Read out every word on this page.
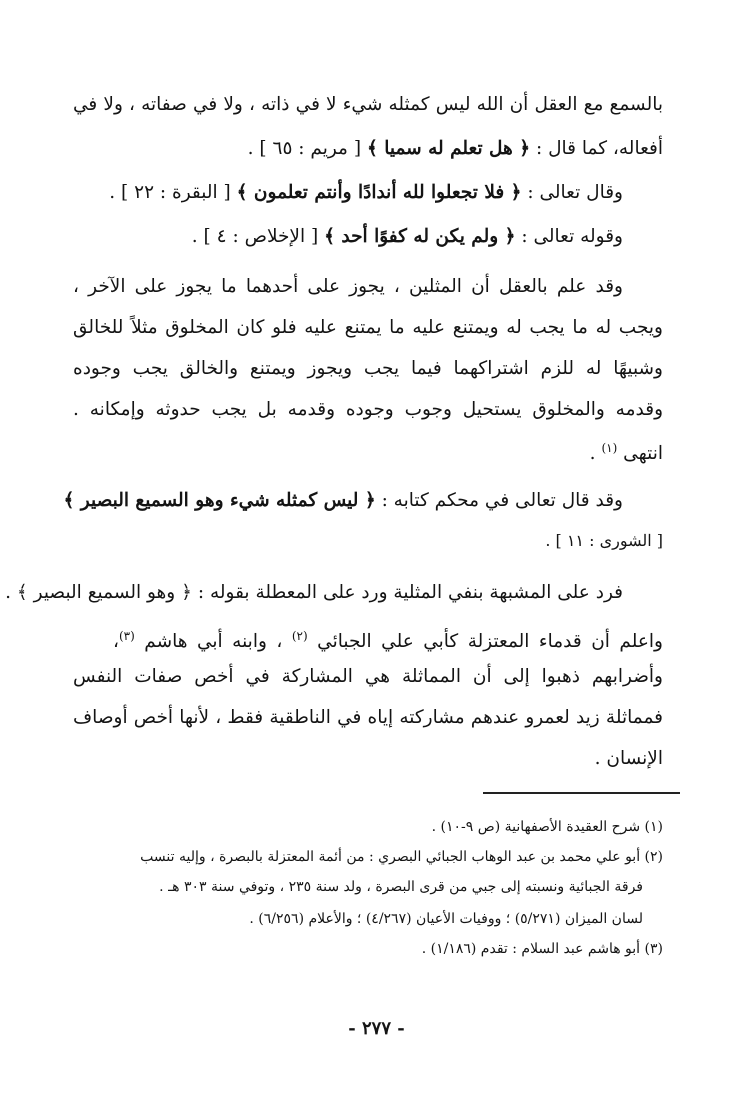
بالسمع مع العقل أن الله ليس كمثله شيء لا في ذاته ، ولا في صفاته ، ولا في
أفعاله، كما قال : ﴿ هل تعلم له سميا ﴾ [ مريم : ٦٥ ] .
وقال تعالى : ﴿ فلا تجعلوا لله أندادًا وأنتم تعلمون ﴾ [ البقرة : ٢٢ ] .
وقوله تعالى : ﴿ ولم يكن له كفوًا أحد ﴾ [ الإخلاص : ٤ ] .
وقد علم بالعقل أن المثلين ، يجوز على أحدهما ما يجوز على الآخر ،
ويجب له ما يجب له ويمتنع عليه ما يمتنع عليه فلو كان المخلوق مثلاً للخالق
وشبيهًا له للزم اشتراكهما فيما يجب ويجوز ويمتنع والخالق يجب وجوده
وقدمه والمخلوق يستحيل وجوب وجوده وقدمه بل يجب حدوثه وإمكانه .
انتهى $^{(١)}$ .
وقد قال تعالى في محكم كتابه : ﴿ ليس كمثله شيء وهو السميع البصير ﴾
[ الشورى : ١١ ] .
فرد على المشبهة بنفي المثلية ورد على المعطلة بقوله : ﴿ وهو السميع البصير ﴾ .
واعلم أن قدماء المعتزلة كأبي علي الجبائي $^{(٢)}$ ، وابنه أبي هاشم $^{(٣)}$،
وأضرابهم ذهبوا إلى أن المماثلة هي المشاركة في أخص صفات النفس
فمماثلة زيد لعمرو عندهم مشاركته إياه في الناطقية فقط ، لأنها أخص أوصاف
الإنسان .
(١) شرح العقيدة الأصفهانية (ص ٩-١٠) .
(٢) أبو علي محمد بن عبد الوهاب الجبائي البصري : من أئمة المعتزلة بالبصرة ، وإليه تنسب
فرقة الجبائية ونسبته إلى جبي من قرى البصرة ، ولد سنة ٢٣٥ ، وتوفي سنة ٣٠٣ هـ .
لسان الميزان (٥/٢٧١) ؛ ووفيات الأعيان (٤/٢٦٧) ؛ والأعلام (٦/٢٥٦) .
(٣) أبو هاشم عبد السلام : تقدم (١/١٨٦) .
- ٢٧٧ -
